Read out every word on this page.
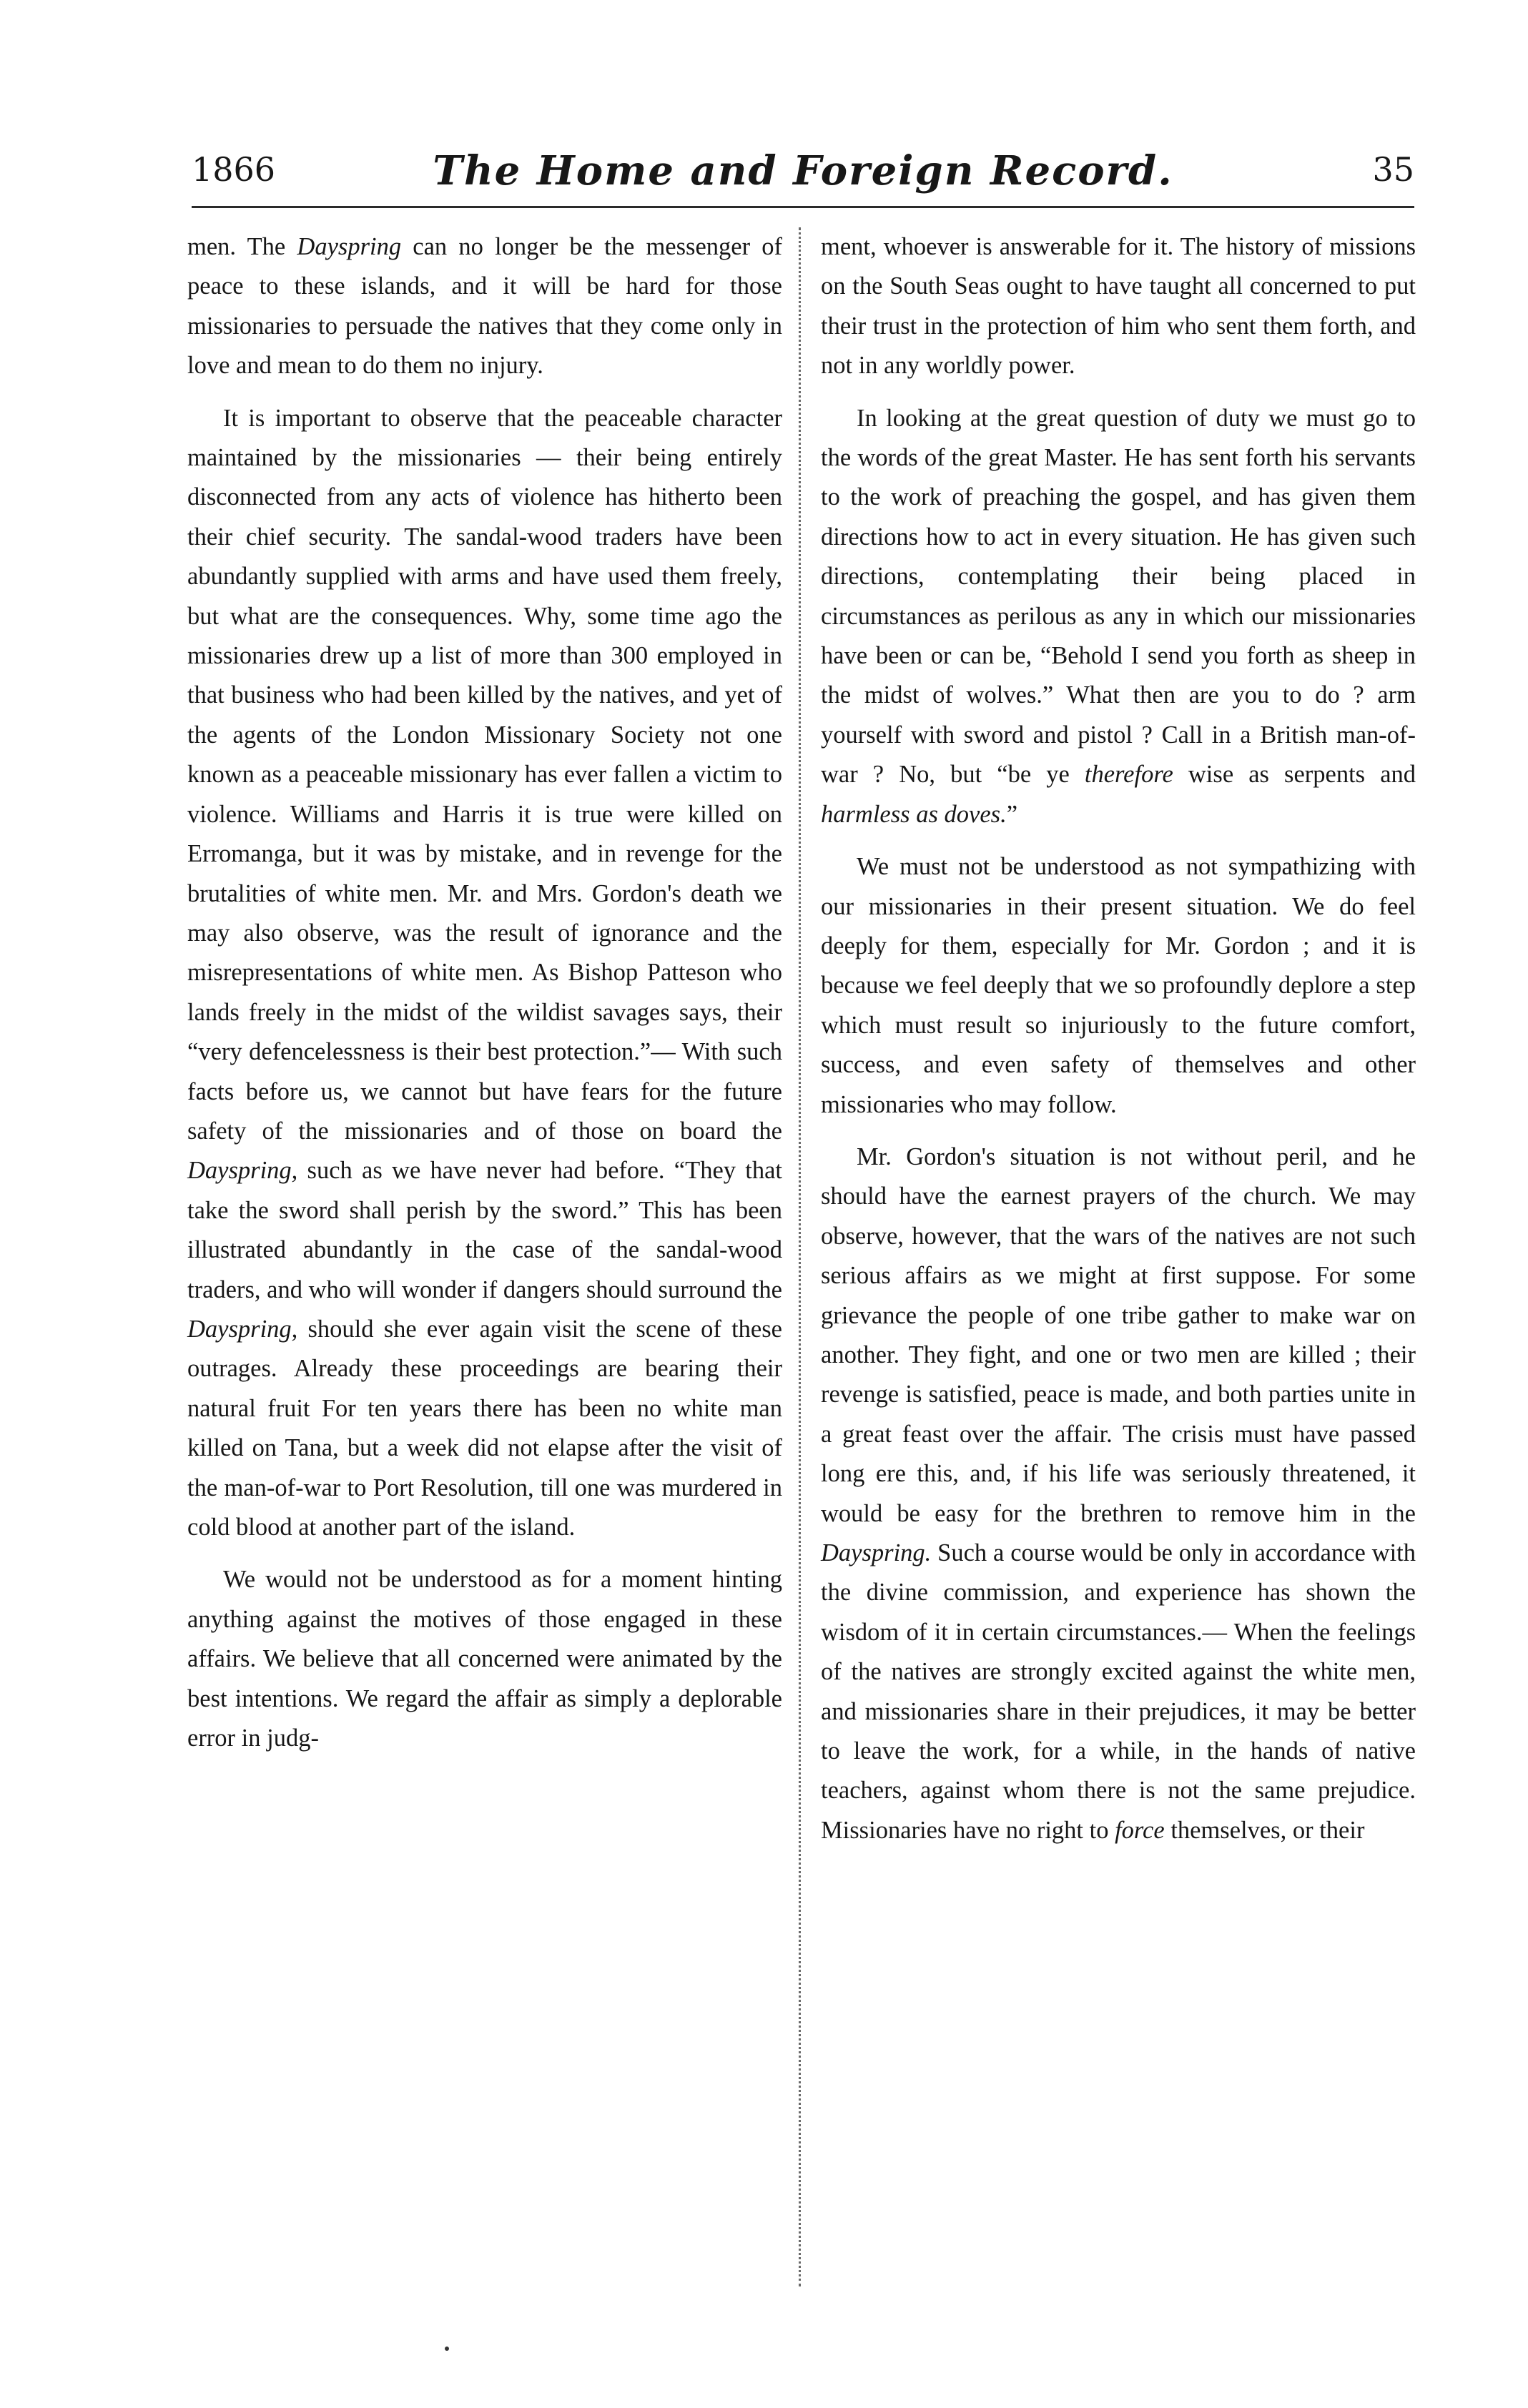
1866	The Home and Foreign Record.	35

men. The Dayspring can no longer be the messenger of peace to these islands, and it will be hard for those missionaries to persuade the natives that they come only in love and mean to do them no injury.

It is important to observe that the peaceable character maintained by the missionaries — their being entirely disconnected from any acts of violence has hitherto been their chief security. The sandal-wood traders have been abundantly supplied with arms and have used them freely, but what are the consequences. Why, some time ago the missionaries drew up a list of more than 300 employed in that business who had been killed by the natives, and yet of the agents of the London Missionary Society not one known as a peaceable missionary has ever fallen a victim to violence. Williams and Harris it is true were killed on Erromanga, but it was by mistake, and in revenge for the brutalities of white men. Mr. and Mrs. Gordon's death we may also observe, was the result of ignorance and the misrepresentations of white men. As Bishop Patteson who lands freely in the midst of the wildist savages says, their “very defencelessness is their best protection.”— With such facts before us, we cannot but have fears for the future safety of the missionaries and of those on board the Dayspring, such as we have never had before. “They that take the sword shall perish by the sword.” This has been illustrated abundantly in the case of the sandal-wood traders, and who will wonder if dangers should surround the Dayspring, should she ever again visit the scene of these outrages. Already these proceedings are bearing their natural fruit For ten years there has been no white man killed on Tana, but a week did not elapse after the visit of the man-of-war to Port Resolution, till one was murdered in cold blood at another part of the island.

We would not be understood as for a moment hinting anything against the motives of those engaged in these affairs. We believe that all concerned were animated by the best intentions. We regard the affair as simply a deplorable error in judg-

ment, whoever is answerable for it. The history of missions on the South Seas ought to have taught all concerned to put their trust in the protection of him who sent them forth, and not in any worldly power.

In looking at the great question of duty we must go to the words of the great Master. He has sent forth his servants to the work of preaching the gospel, and has given them directions how to act in every situation. He has given such directions, contemplating their being placed in circumstances as perilous as any in which our missionaries have been or can be, “Behold I send you forth as sheep in the midst of wolves.” What then are you to do ? arm yourself with sword and pistol ? Call in a British man-of-war ? No, but “be ye therefore wise as serpents and harmless as doves.”

We must not be understood as not sympathizing with our missionaries in their present situation. We do feel deeply for them, especially for Mr. Gordon ; and it is because we feel deeply that we so profoundly deplore a step which must result so injuriously to the future comfort, success, and even safety of themselves and other missionaries who may follow.

Mr. Gordon's situation is not without peril, and he should have the earnest prayers of the church. We may observe, however, that the wars of the natives are not such serious affairs as we might at first suppose. For some grievance the people of one tribe gather to make war on another. They fight, and one or two men are killed ; their revenge is satisfied, peace is made, and both parties unite in a great feast over the affair. The crisis must have passed long ere this, and, if his life was seriously threatened, it would be easy for the brethren to remove him in the Dayspring. Such a course would be only in accordance with the divine commission, and experience has shown the wisdom of it in certain circumstances.— When the feelings of the natives are strongly excited against the white men, and missionaries share in their prejudices, it may be better to leave the work, for a while, in the hands of native teachers, against whom there is not the same prejudice. Missionaries have no right to force themselves, or their
